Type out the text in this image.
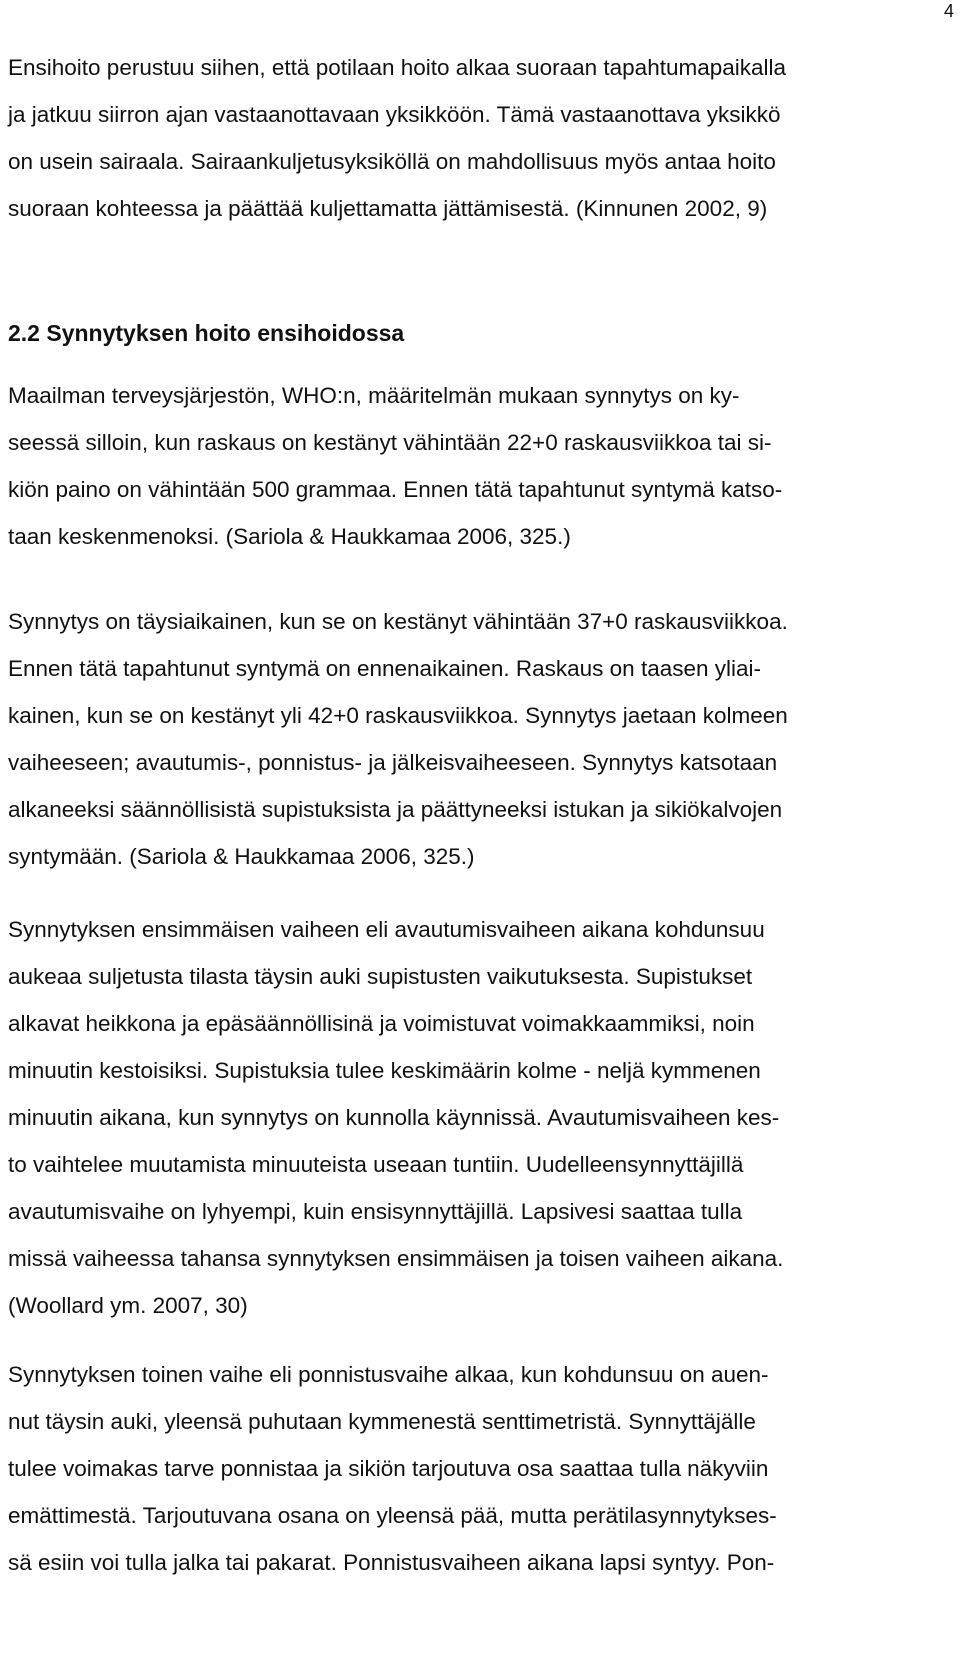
4

Ensihoito perustuu siihen, että potilaan hoito alkaa suoraan tapahtumapaikalla
ja jatkuu siirron ajan vastaanottavaan yksikköön. Tämä vastaanottava yksikkö
on usein sairaala. Sairaankuljetusyksiköllä on mahdollisuus myös antaa hoito
suoraan kohteessa ja päättää kuljettamatta jättämisestä. (Kinnunen 2002, 9)

2.2 Synnytyksen hoito ensihoidossa

Maailman terveysjärjestön, WHO:n, määritelmän mukaan synnytys on ky-
seessä silloin, kun raskaus on kestänyt vähintään 22+0 raskausviikkoa tai si-
kiön paino on vähintään 500 grammaa. Ennen tätä tapahtunut syntymä katso-
taan keskenmenoksi. (Sariola & Haukkamaa 2006, 325.)

Synnytys on täysiaikainen, kun se on kestänyt vähintään 37+0 raskausviikkoa.
Ennen tätä tapahtunut syntymä on ennenaikainen. Raskaus on taasen yliai-
kainen, kun se on kestänyt yli 42+0 raskausviikkoa. Synnytys jaetaan kolmeen
vaiheeseen; avautumis-, ponnistus- ja jälkeisvaiheeseen. Synnytys katsotaan
alkaneeksi säännöllisistä supistuksista ja päättyneeksi istukan ja sikiökalvojen
syntymään. (Sariola & Haukkamaa 2006, 325.)

Synnytyksen ensimmäisen vaiheen eli avautumisvaiheen aikana kohdunsuu
aukeaa suljetusta tilasta täysin auki supistusten vaikutuksesta. Supistukset
alkavat heikkona ja epäsäännöllisinä ja voimistuvat voimakkaammiksi, noin
minuutin kestoisiksi. Supistuksia tulee keskimäärin kolme - neljä kymmenen
minuutin aikana, kun synnytys on kunnolla käynnissä. Avautumisvaiheen kes-
to vaihtelee muutamista minuuteista useaan tuntiin. Uudelleensynnyttäjillä
avautumisvaihe on lyhyempi, kuin ensisynnyttäjillä. Lapsivesi saattaa tulla
missä vaiheessa tahansa synnytyksen ensimmäisen ja toisen vaiheen aikana.
(Woollard ym. 2007, 30)

Synnytyksen toinen vaihe eli ponnistusvaihe alkaa, kun kohdunsuu on auen-
nut täysin auki, yleensä puhutaan kymmenestä senttimetristä. Synnyttäjälle
tulee voimakas tarve ponnistaa ja sikiön tarjoutuva osa saattaa tulla näkyviin
emättimestä. Tarjoutuvana osana on yleensä pää, mutta perätilasynnytykses-
sä esiin voi tulla jalka tai pakarat. Ponnistusvaiheen aikana lapsi syntyy. Pon-
